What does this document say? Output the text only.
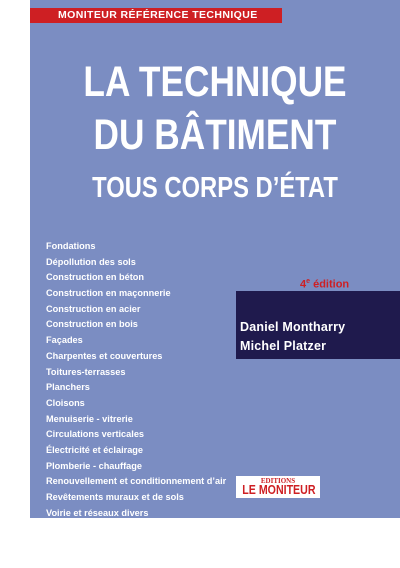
MONITEUR RÉFÉRENCE TECHNIQUE
LA TECHNIQUE
DU BÂTIMENT
TOUS CORPS D’ÉTAT
Fondations
Dépollution des sols
Construction en béton
Construction en maçonnerie
Construction en acier
Construction en bois
Façades
Charpentes et couvertures
Toitures-terrasses
Planchers
Cloisons
Menuiserie - vitrerie
Circulations verticales
Électricité et éclairage
Plomberie - chauffage
Renouvellement et conditionnement d’air
Revêtements muraux et de sols
Voirie et réseaux divers
Démolition
Déchets
Qualité environnementale
4e édition
Daniel Montharry
Michel Platzer
EDITIONS
LE MONITEUR
